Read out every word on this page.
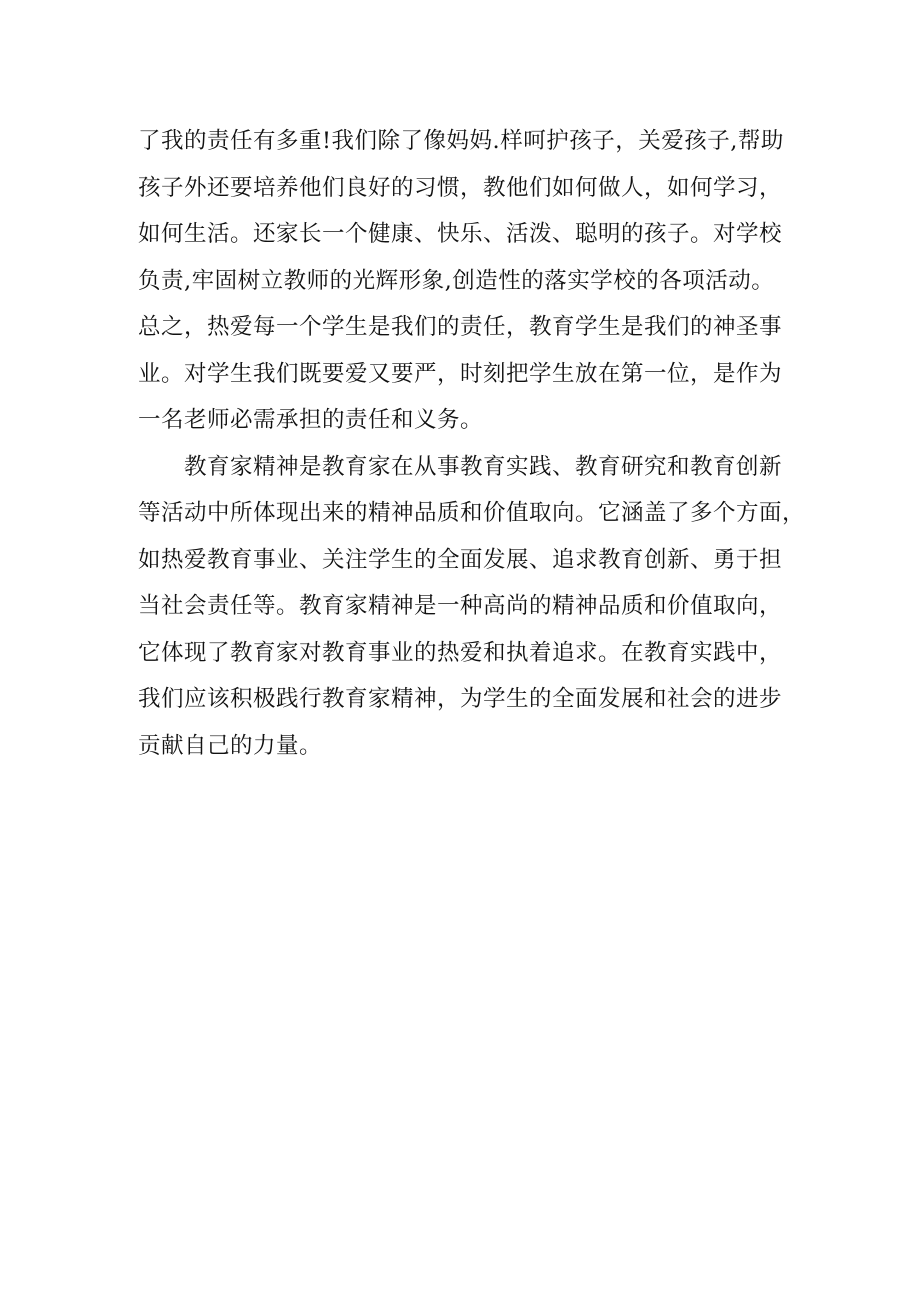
了我的责任有多重!我们除了像妈妈.样呵护孩子，关爱孩子,帮助
孩子外还要培养他们良好的习惯，教他们如何做人，如何学习，
如何生活。还家长一个健康、快乐、活泼、聪明的孩子。对学校
负责,牢固树立教师的光辉形象,创造性的落实学校的各项活动。
总之，热爱每一个学生是我们的责任，教育学生是我们的神圣事
业。对学生我们既要爱又要严，时刻把学生放在第一位，是作为
一名老师必需承担的责任和义务。
教育家精神是教育家在从事教育实践、教育研究和教育创新
等活动中所体现出来的精神品质和价值取向。它涵盖了多个方面，
如热爱教育事业、关注学生的全面发展、追求教育创新、勇于担
当社会责任等。教育家精神是一种高尚的精神品质和价值取向，
它体现了教育家对教育事业的热爱和执着追求。在教育实践中，
我们应该积极践行教育家精神，为学生的全面发展和社会的进步
贡献自己的力量。
